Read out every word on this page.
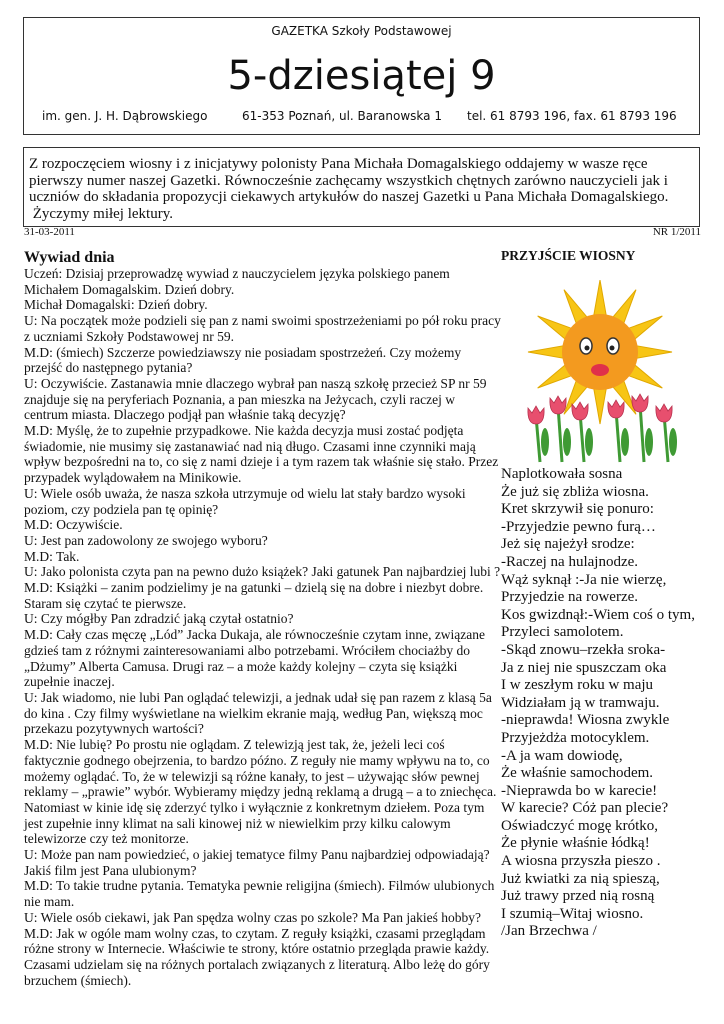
GAZETKA Szkoły Podstawowej
5-dziesiątej 9
im. gen. J. H. Dąbrowskiego	61-353 Poznań, ul. Baranowska 1 tel. 61 8793 196, fax. 61 8793 196

Z rozpoczęciem wiosny i z inicjatywy polonisty Pana Michała Domagalskiego oddajemy w wasze ręce pierwszy numer naszej Gazetki. Równocześnie zachęcamy wszystkich chętnych zarówno nauczycieli jak i uczniów do składania propozycji ciekawych artykułów do naszej Gazetki u Pana Michała Domagalskiego.

Życzymy miłej lektury.

31-03-2011	NR 1/2011
Wywiad dnia

Uczeń: Dzisiaj przeprowadzę wywiad z nauczycielem języka polskiego panem Michałem Domagalskim. Dzień dobry.

Michał Domagalski: Dzień dobry.

U: Na początek może podzieli się pan z nami swoimi spostrzeżeniami po pół roku pracy z uczniami Szkoły Podstawowej nr 59.

M.D: (śmiech) Szczerze powiedziawszy nie posiadam spostrzeżeń. Czy możemy przejść do następnego pytania?

U: Oczywiście. Zastanawia mnie dlaczego wybrał pan naszą szkołę przecież SP nr 59 znajduje się na peryferiach Poznania, a pan mieszka na Jeżycach, czyli raczej w centrum miasta. Dlaczego podjął pan właśnie taką decyzję?

M.D: Myślę, że to zupełnie przypadkowe. Nie każda decyzja musi zostać podjęta świadomie, nie musimy się zastanawiać nad nią długo. Czasami inne czynniki mają wpływ bezpośredni na to, co się z nami dzieje i a tym razem tak właśnie się stało. Przez przypadek wylądowałem na Minikowie.

U: Wiele osób uważa, że nasza szkoła utrzymuje od wielu lat stały bardzo wysoki poziom, czy podziela pan tę opinię?

M.D: Oczywiście.

U: Jest pan zadowolony ze swojego wyboru?

M.D: Tak.

U: Jako polonista czyta pan na pewno dużo książek? Jaki gatunek Pan najbardziej lubi ?

M.D: Książki – zanim podzielimy je na gatunki – dzielą się na dobre i niezbyt dobre. Staram się czytać te pierwsze.

U: Czy mógłby Pan zdradzić jaką czytał ostatnio?

M.D: Cały czas męczę „Lód” Jacka Dukaja, ale równocześnie czytam inne, związane gdzieś tam z różnymi zainteresowaniami albo potrzebami. Wróciłem chociażby do „Dżumy” Alberta Camusa. Drugi raz – a może każdy kolejny – czyta się książki zupełnie inaczej.

U: Jak wiadomo, nie lubi Pan oglądać telewizji, a jednak udał się pan razem z klasą 5a do kina . Czy filmy wyświetlane na wielkim ekranie mają, według Pan, większą moc przekazu pozytywnych wartości?

M.D: Nie lubię? Po prostu nie oglądam. Z telewizją jest tak, że, jeżeli leci coś faktycznie godnego obejrzenia, to bardzo późno. Z reguły nie mamy wpływu na to, co możemy oglądać. To, że w telewizji są różne kanały, to jest – używając słów pewnej reklamy – „prawie” wybór. Wybieramy między jedną reklamą a drugą – a to zniechęca. Natomiast w kinie idę się zderzyć tylko i wyłącznie z konkretnym dziełem. Poza tym jest zupełnie inny klimat na sali kinowej niż w niewielkim przy kilku calowym telewizorze czy też monitorze.

U: Może pan nam powiedzieć, o jakiej tematyce filmy Panu najbardziej odpowiadają? Jakiś film jest Pana ulubionym?

M.D: To takie trudne pytania. Tematyka pewnie religijna (śmiech). Filmów ulubionych nie mam.

U: Wiele osób ciekawi, jak Pan spędza wolny czas po szkole? Ma Pan jakieś hobby?

M.D: Jak w ogóle mam wolny czas, to czytam. Z reguły książki, czasami przeglądam różne strony w Internecie. Właściwie te strony, które ostatnio przegląda prawie każdy. Czasami udzielam się na różnych portalach związanych z literaturą. Albo leżę do góry brzuchem (śmiech).

PRZYJŚCIE WIOSNY

Naplotkowała sosna

Że już się zbliża wiosna.

Kret skrzywił się ponuro:

-Przyjedzie pewno furą…

Jeż się najeżył srodze:

-Raczej na hulajnodze.

Wąż syknął :-Ja nie wierzę,

Przyjedzie na rowerze.

Kos gwizdnął:-Wiem coś o tym,

Przyleci samolotem.

-Skąd znowu–rzekła sroka-

Ja z niej nie spuszczam oka

I w zeszłym roku w maju

Widziałam ją w tramwaju.

-nieprawda! Wiosna zwykle

Przyjeżdża motocyklem.

-A ja wam dowiodę,

Że właśnie samochodem.

-Nieprawda bo w karecie!

W karecie? Cóż pan plecie?

Oświadczyć mogę krótko,

Że płynie właśnie łódką!

A wiosna przyszła pieszo .

Już kwiatki za nią spieszą,

Już trawy przed nią rosną

I szumią–Witaj wiosno.

/Jan Brzechwa /
